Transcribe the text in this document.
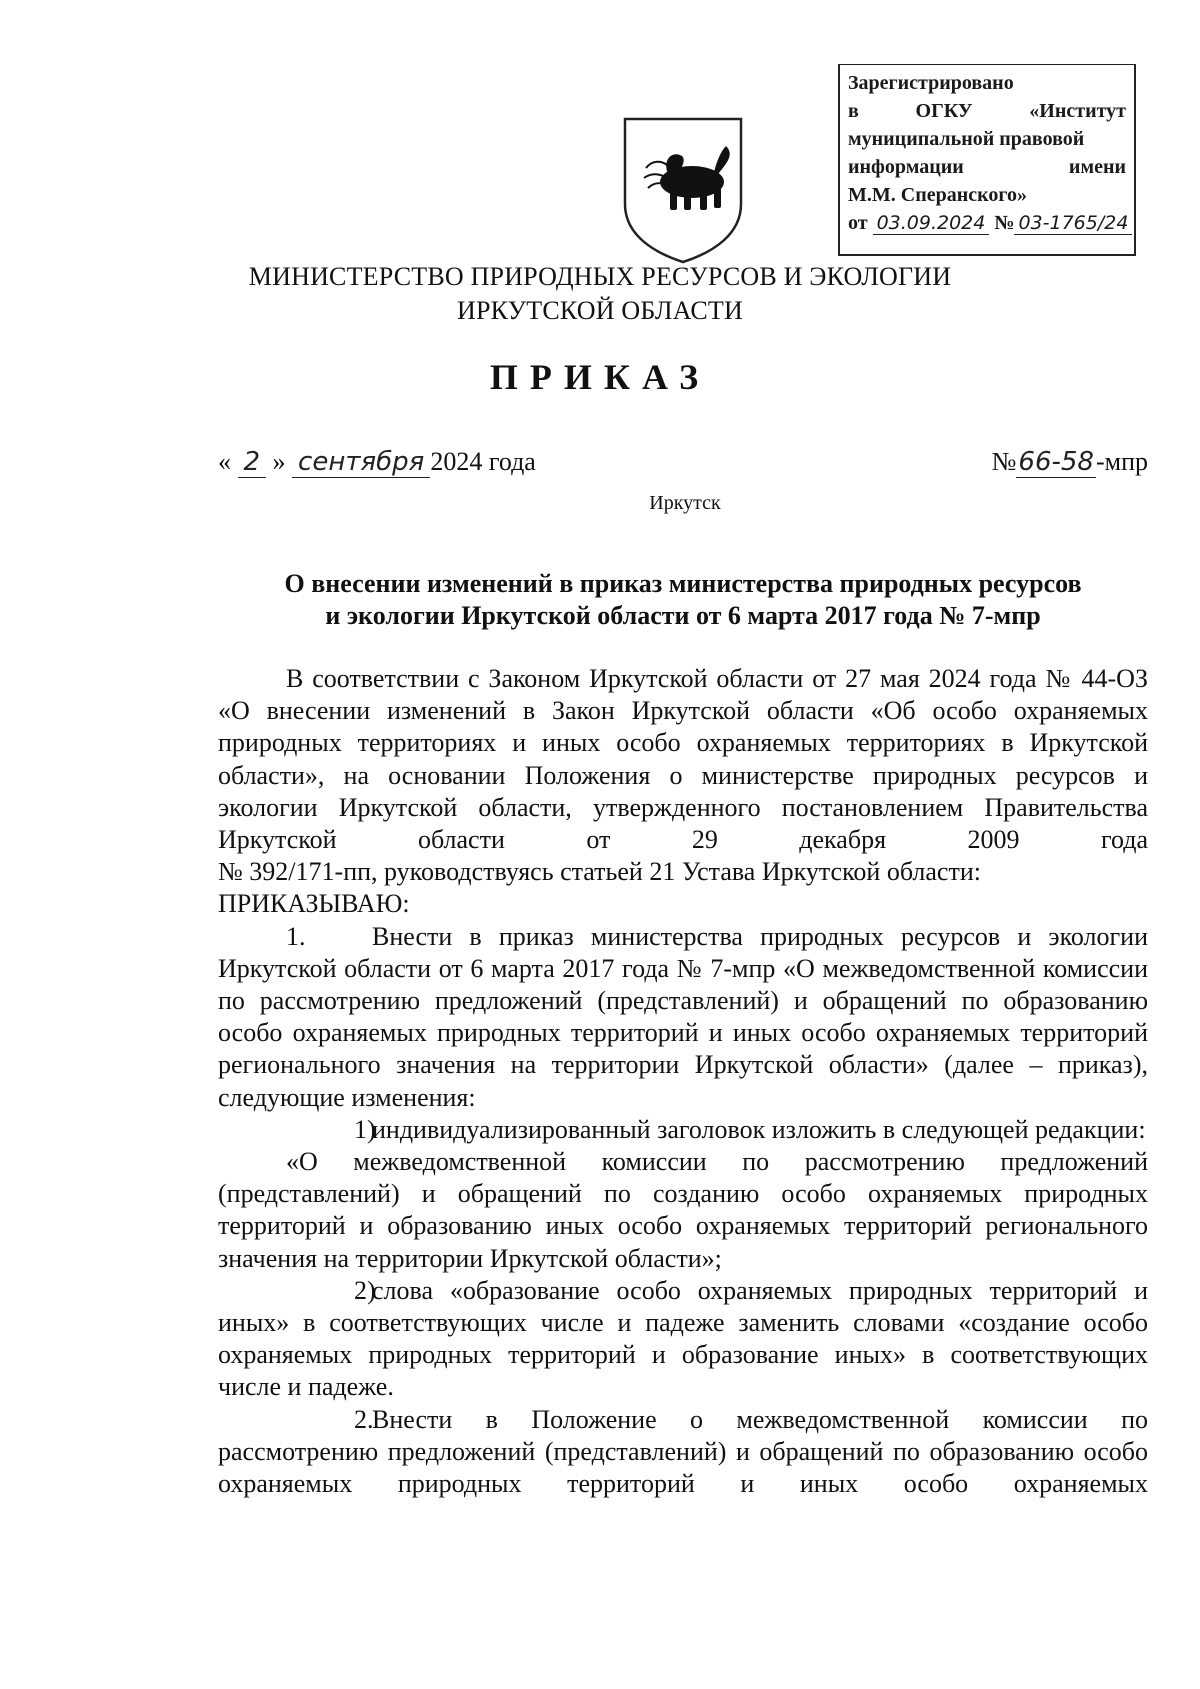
Зарегистрировано
в	ОГКУ	«Институт
муниципальной правовой
информации	имени
М.М. Сперанского»
от 03.09.2024 № 03-1765/24
МИНИСТЕРСТВО ПРИРОДНЫХ РЕСУРСОВ И ЭКОЛОГИИ
ИРКУТСКОЙ ОБЛАСТИ
ПРИКАЗ
« 2 » сентября 2024 года	№66-58-мпр
Иркутск
О внесении изменений в приказ министерства природных ресурсов
и экологии Иркутской области от 6 марта 2017 года № 7-мпр

В соответствии с Законом Иркутской области от 27 мая 2024 года № 44-ОЗ «О внесении изменений в Закон Иркутской области «Об особо охраняемых природных территориях и иных особо охраняемых территориях в Иркутской области», на основании Положения о министерстве природных ресурсов и экологии Иркутской области, утвержденного постановлением Правительства Иркутской области от 29 декабря 2009 года

№ 392/171-пп, руководствуясь статьей 21 Устава Иркутской области:

ПРИКАЗЫВАЮ:

1.	Внести в приказ министерства природных ресурсов и экологии Иркутской области от 6 марта 2017 года № 7-мпр «О межведомственной комиссии по рассмотрению предложений (представлений) и обращений по образованию особо охраняемых природных территорий и иных особо охраняемых территорий регионального значения на территории Иркутской области» (далее – приказ), следующие изменения:

1)индивидуализированный заголовок изложить в следующей редакции:

«О межведомственной комиссии по рассмотрению предложений (представлений) и обращений по созданию особо охраняемых природных территорий и образованию иных особо охраняемых территорий регионального значения на территории Иркутской области»;

2)слова «образование особо охраняемых природных территорий и иных» в соответствующих числе и падеже заменить словами «создание особо охраняемых природных территорий и образование иных» в соответствующих числе и падеже.

2.Внести в Положение о межведомственной комиссии по рассмотрению предложений (представлений) и обращений по образованию особо охраняемых природных территорий и иных особо охраняемых
